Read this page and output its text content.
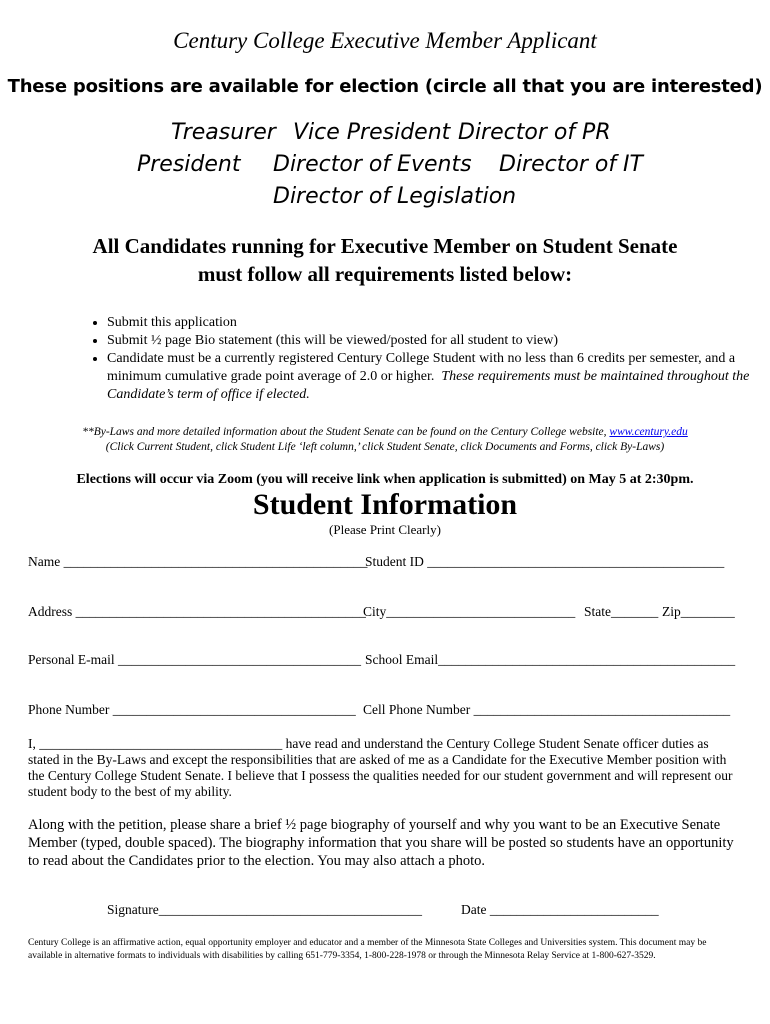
Century College Executive Member Applicant
These positions are available for election (circle all that you are interested)
Treasurer Vice President Director of PR
President Director of Events Director of IT
Director of Legislation
All Candidates running for Executive Member on Student Senate
must follow all requirements listed below:
• Submit this application
• Submit ½ page Bio statement (this will be viewed/posted for all student to view)
• Candidate must be a currently registered Century College Student with no less than 6 credits per semester, and a minimum cumulative grade point average of 2.0 or higher. These requirements must be maintained throughout the Candidate’s term of office if elected.
**By-Laws and more detailed information about the Student Senate can be found on the Century College website, www.century.edu
(Click Current Student, click Student Life ‘left column,’ click Student Senate, click Documents and Forms, click By-Laws)
Elections will occur via Zoom (you will receive link when application is submitted) on May 5 at 2:30pm.
Student Information
(Please Print Clearly)
Name _____________________________________________
Student ID ____________________________________________
Address ___________________________________________
City____________________________ State_______ Zip________
Personal E-mail ____________________________________ School Email____________________________________________
Phone Number ____________________________________ Cell Phone Number ______________________________________
I, ____________________________________ have read and understand the Century College Student Senate officer duties as stated in the By-Laws and except the responsibilities that are asked of me as a Candidate for the Executive Member position with the Century College Student Senate. I believe that I possess the qualities needed for our student government and will represent our student body to the best of my ability.
Along with the petition, please share a brief ½ page biography of yourself and why you want to be an Executive Senate Member (typed, double spaced). The biography information that you share will be posted so students have an opportunity to read about the Candidates prior to the election. You may also attach a photo.
Signature_______________________________________	Date _________________________
Century College is an affirmative action, equal opportunity employer and educator and a member of the Minnesota State Colleges and Universities system. This document may be available in alternative formats to individuals with disabilities by calling 651-779-3354, 1-800-228-1978 or through the Minnesota Relay Service at 1-800-627-3529.
